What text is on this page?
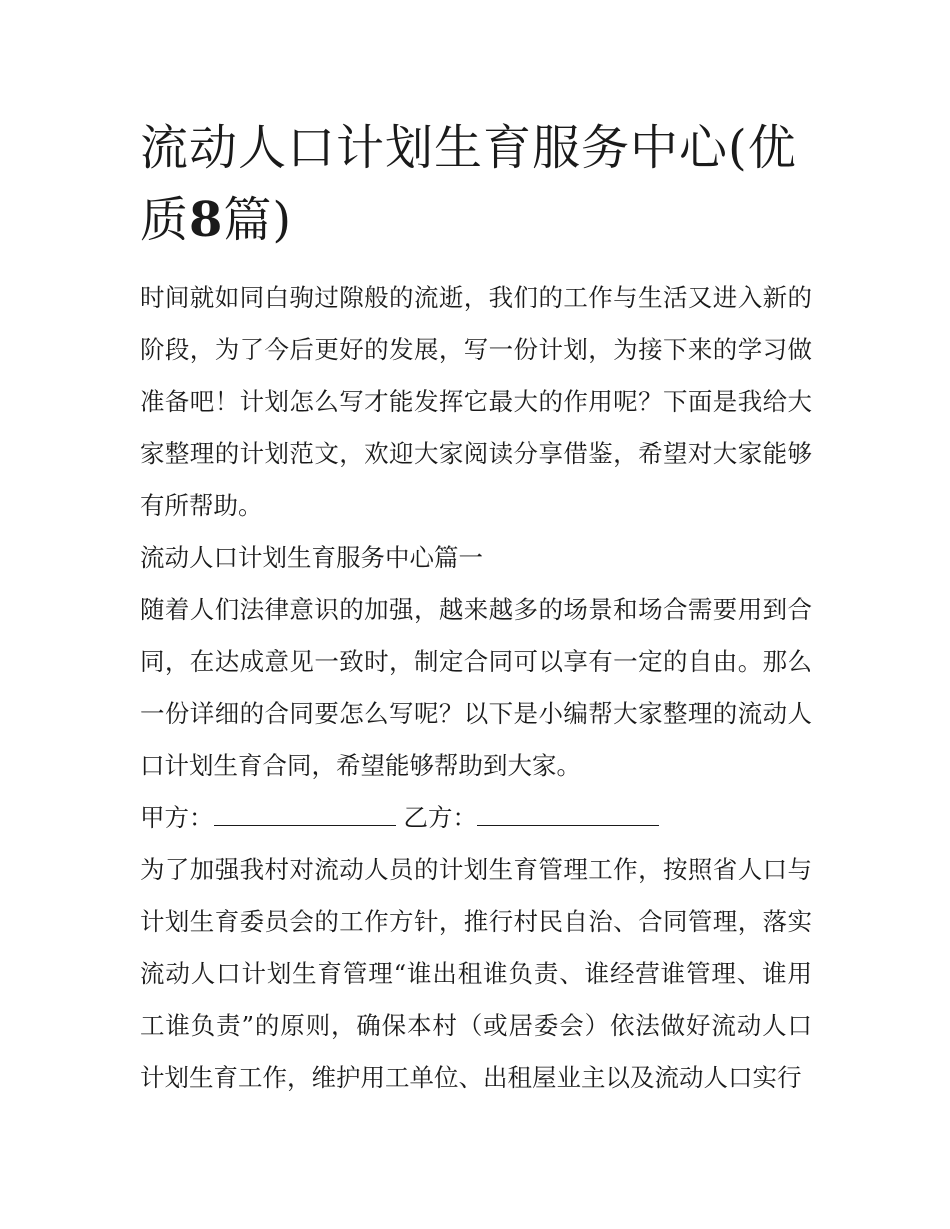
流动人口计划生育服务中心(优质8篇)

时间就如同白驹过隙般的流逝，我们的工作与生活又进入新的阶段，为了今后更好的发展，写一份计划，为接下来的学习做准备吧！计划怎么写才能发挥它最大的作用呢？下面是我给大家整理的计划范文，欢迎大家阅读分享借鉴，希望对大家能够有所帮助。

流动人口计划生育服务中心篇一

随着人们法律意识的加强，越来越多的场景和场合需要用到合同，在达成意见一致时，制定合同可以享有一定的自由。那么一份详细的合同要怎么写呢？以下是小编帮大家整理的流动人口计划生育合同，希望能够帮助到大家。

甲方：	乙方：

为了加强我村对流动人员的计划生育管理工作，按照省人口与计划生育委员会的工作方针，推行村民自治、合同管理，落实流动人口计划生育管理“谁出租谁负责、谁经营谁管理、谁用工谁负责”的原则，确保本村（或居委会）依法做好流动人口计划生育工作，维护用工单位、出租屋业主以及流动人口实行
